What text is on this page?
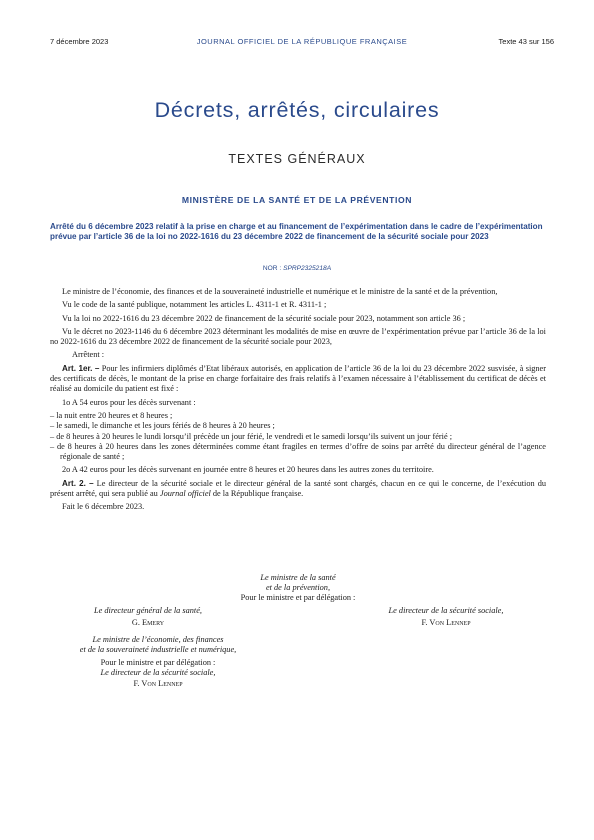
7 décembre 2023	JOURNAL OFFICIEL DE LA RÉPUBLIQUE FRANÇAISE	Texte 43 sur 156
Décrets, arrêtés, circulaires
TEXTES GÉNÉRAUX
MINISTÈRE DE LA SANTÉ ET DE LA PRÉVENTION
Arrêté du 6 décembre 2023 relatif à la prise en charge et au financement de l’expérimentation dans le cadre de l’expérimentation prévue par l’article 36 de la loi no 2022-1616 du 23 décembre 2022 de financement de la sécurité sociale pour 2023
NOR : SPRP2325218A

Le ministre de l’économie, des finances et de la souveraineté industrielle et numérique et le ministre de la santé et de la prévention,

Vu le code de la santé publique, notamment les articles L. 4311-1 et R. 4311-1 ;

Vu la loi no 2022-1616 du 23 décembre 2022 de financement de la sécurité sociale pour 2023, notamment son article 36 ;

Vu le décret no 2023-1146 du 6 décembre 2023 déterminant les modalités de mise en œuvre de l’expérimentation prévue par l’article 36 de la loi no 2022-1616 du 23 décembre 2022 de financement de la sécurité sociale pour 2023,

Arrêtent :

Art. 1er. – Pour les infirmiers diplômés d’Etat libéraux autorisés, en application de l’article 36 de la loi du 23 décembre 2022 susvisée, à signer des certificats de décès, le montant de la prise en charge forfaitaire des frais relatifs à l’examen nécessaire à l’établissement du certificat de décès et réalisé au domicile du patient est fixé :

1o A 54 euros pour les décès survenant :

– la nuit entre 20 heures et 8 heures ;

– le samedi, le dimanche et les jours fériés de 8 heures à 20 heures ;

– de 8 heures à 20 heures le lundi lorsqu’il précède un jour férié, le vendredi et le samedi lorsqu’ils suivent un jour férié ;

– de 8 heures à 20 heures dans les zones déterminées comme étant fragiles en termes d’offre de soins par arrêté du directeur général de l’agence régionale de santé ;

2o A 42 euros pour les décès survenant en journée entre 8 heures et 20 heures dans les autres zones du territoire.

Art. 2. – Le directeur de la sécurité sociale et le directeur général de la santé sont chargés, chacun en ce qui le concerne, de l’exécution du présent arrêté, qui sera publié au Journal officiel de la République française.

Fait le 6 décembre 2023.

Le ministre de la santé
et de la prévention,
Pour le ministre et par délégation :
Le directeur général de la santé,
G. Emery
Le directeur de la sécurité sociale,
F. Von Lennep
Le ministre de l’économie, des finances
et de la souveraineté industrielle et numérique,
Pour le ministre et par délégation :
Le directeur de la sécurité sociale,
F. Von Lennep
